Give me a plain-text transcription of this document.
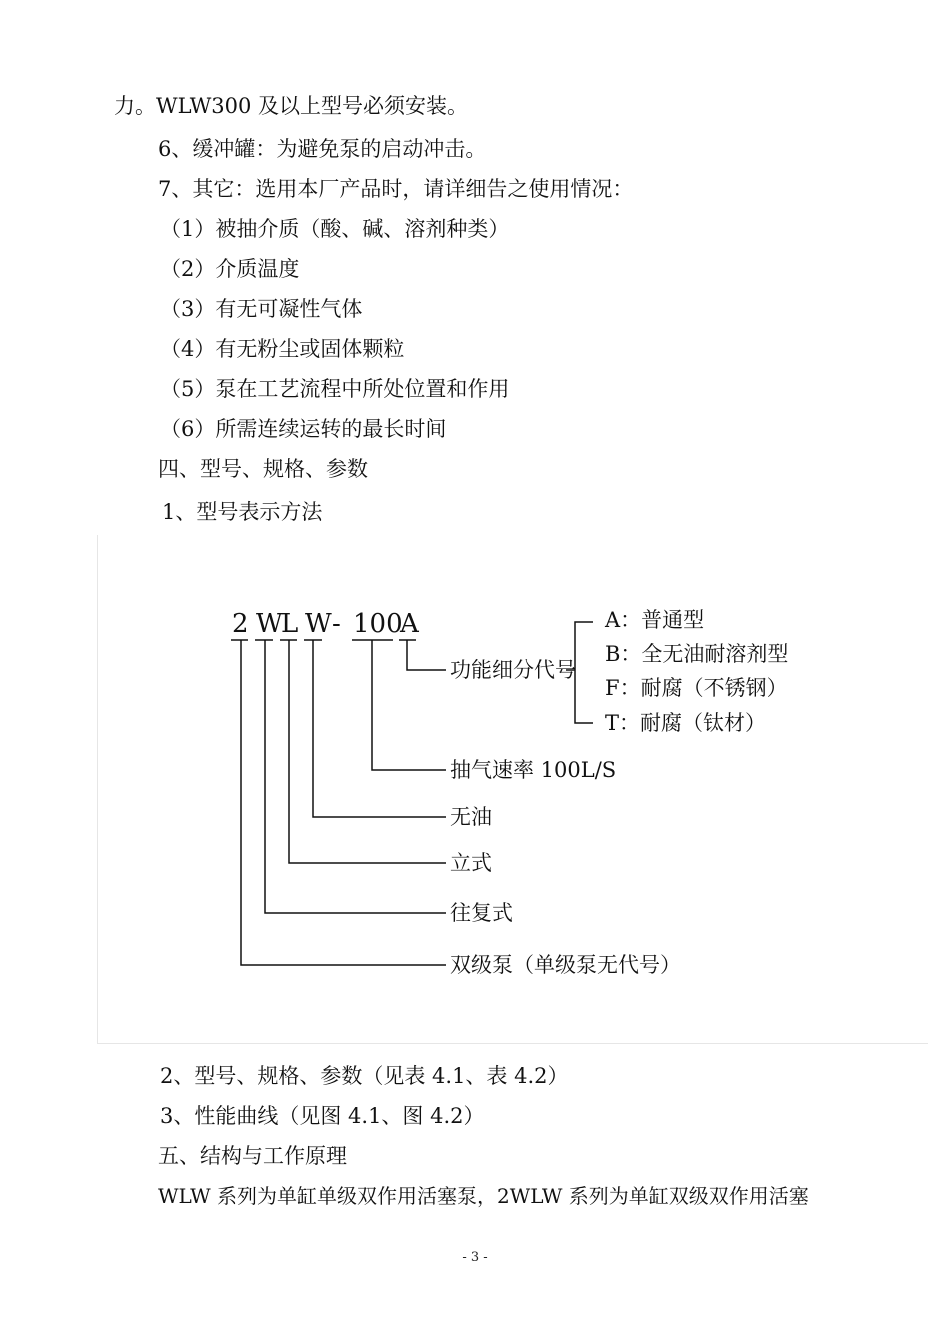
力。WLW300 及以上型号必须安装。
6、缓冲罐：为避免泵的启动冲击。
7、其它：选用本厂产品时，请详细告之使用情况：
（1）被抽介质（酸、碱、溶剂种类）
（2）介质温度
（3）有无可凝性气体
（4）有无粉尘或固体颗粒
（5）泵在工艺流程中所处位置和作用
（6）所需连续运转的最长时间
四、型号、规格、参数
1、型号表示方法
2 W
L W - 100
A
功能细分代号
抽气速率 100L/S
无油
立式
往复式
双级泵（单级泵无代号）
A：普通型
B：全无油耐溶剂型
F：耐腐（不锈钢）
T：耐腐（钛材）
2、型号、规格、参数（见表 4.1、表 4.2）
3、性能曲线（见图 4.1、图 4.2）
五、结构与工作原理
WLW 系列为单缸单级双作用活塞泵，2WLW 系列为单缸双级双作用活塞
- 3 -
